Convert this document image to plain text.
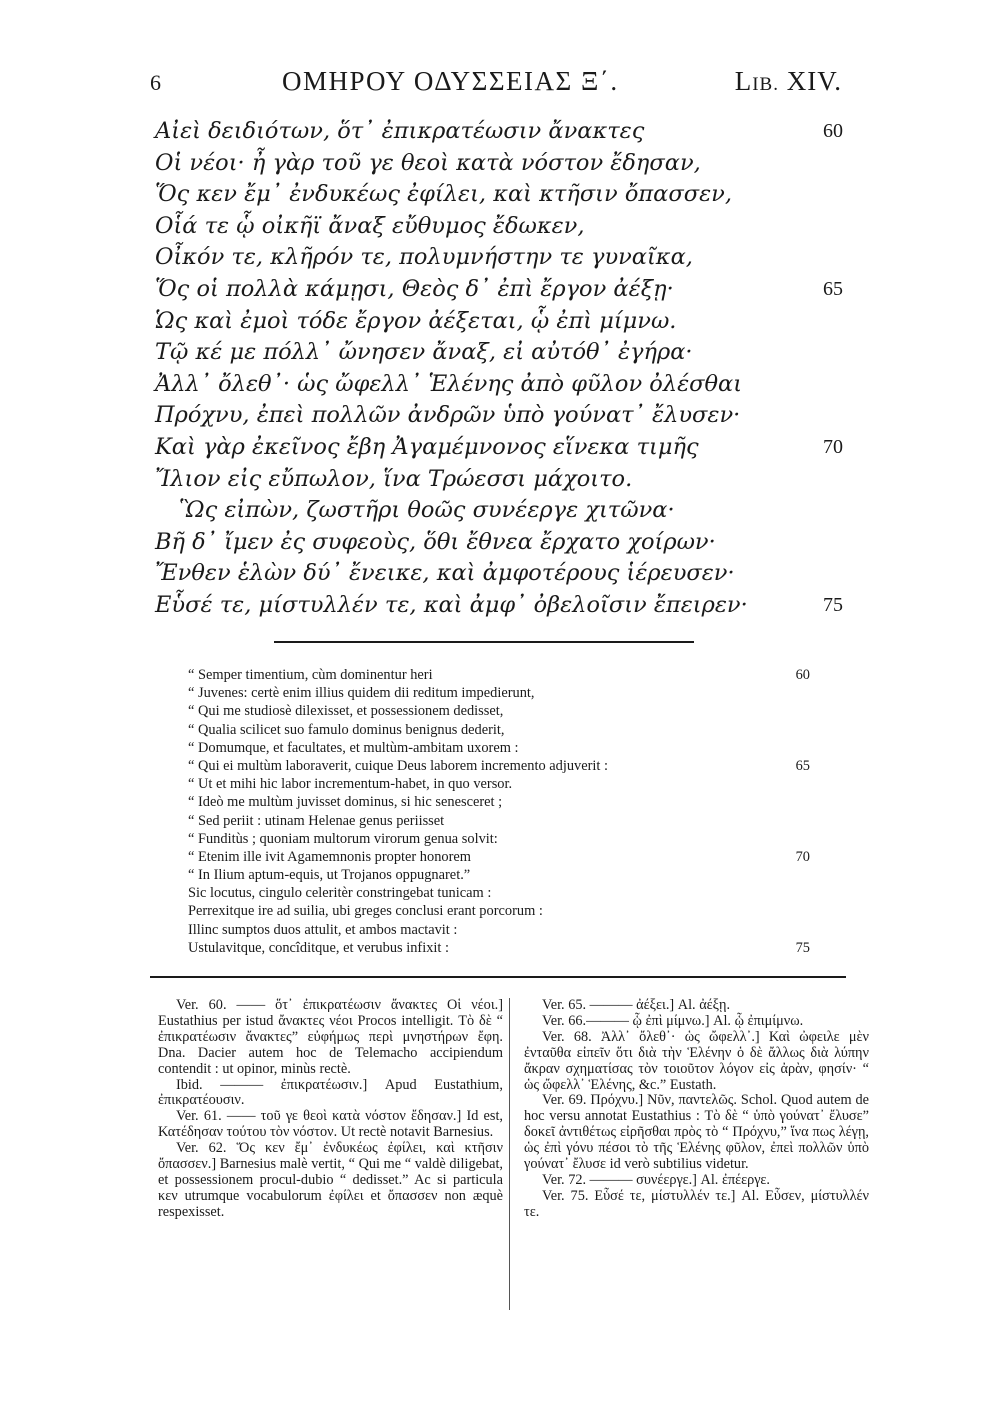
6	ΟΜΗΡΟΥ ΟΔΥΣΣΕΙΑΣ Ξ΄.	LIB. XIV.
Αἰεὶ δειδιότων, ὅτ᾽ ἐπικρατέωσιν ἄνακτες	60
Οἱ νέοι· ἦ γὰρ τοῦ γε θεοὶ κατὰ νόστον ἔδησαν,
Ὅς κεν ἔμ᾽ ἐνδυκέως ἐφίλει, καὶ κτῆσιν ὄπασσεν,
Οἷά τε ᾧ οἰκῆϊ ἄναξ εὔθυμος ἔδωκεν,
Οἶκόν τε, κλῆρόν τε, πολυμνήστην τε γυναῖκα,
Ὅς οἱ πολλὰ κάμῃσι, Θεὸς δ᾽ ἐπὶ ἔργον ἀέξῃ·	65
Ὡς καὶ ἐμοὶ τόδε ἔργον ἀέξεται, ᾧ ἐπὶ μίμνω.
Τῷ κέ με πόλλ᾽ ὤνησεν ἄναξ, εἰ αὐτόθ᾽ ἐγήρα·
Ἀλλ᾽ ὄλεθ᾽· ὡς ὤφελλ᾽ Ἑλένης ἀπὸ φῦλον ὀλέσθαι
Πρόχνυ, ἐπεὶ πολλῶν ἀνδρῶν ὑπὸ γούνατ᾽ ἔλυσεν·
Καὶ γὰρ ἐκεῖνος ἔβη Ἀγαμέμνονος εἵνεκα τιμῆς	70
Ἴλιον εἰς εὔπωλον, ἵνα Τρώεσσι μάχοιτο.
Ὣς εἰπὼν, ζωστῆρι θοῶς συνέεργε χιτῶνα·
Βῆ δ᾽ ἴμεν ἐς συφεοὺς, ὅθι ἔθνεα ἔρχατο χοίρων·
Ἔνθεν ἑλὼν δύ᾽ ἔνεικε, καὶ ἀμφοτέρους ἱέρευσεν·
Εὗσέ τε, μίστυλλέν τε, καὶ ἀμφ᾽ ὀβελοῖσιν ἔπειρεν·	75
“ Semper timentium, cùm dominentur heri	60
“ Juvenes: certè enim illius quidem dii reditum impedierunt,
“ Qui me studiosè dilexisset, et possessionem dedisset,
“ Qualia scilicet suo famulo dominus benignus dederit,
“ Domumque, et facultates, et multùm-ambitam uxorem :
“ Qui ei multùm laboraverit, cuique Deus laborem incremento adjuverit :	65
“ Ut et mihi hic labor incrementum-habet, in quo versor.
“ Ideò me multùm juvisset dominus, si hic senesceret ;
“ Sed periit : utinam Helenae genus periisset
“ Funditùs ; quoniam multorum virorum genua solvit:
“ Etenim ille ivit Agamemnonis propter honorem	70
“ In Ilium aptum-equis, ut Trojanos oppugnaret.”
Sic locutus, cingulo celeritèr constringebat tunicam :
Perrexitque ire ad suilia, ubi greges conclusi erant porcorum :
Illinc sumptos duos attulit, et ambos mactavit :
Ustulavitque, concîditque, et verubus infixit :	75

Ver. 60. —— ὅτ᾽ ἐπικρατέωσιν ἄνακτες Οἱ νέοι.] Eustathius per istud ἄνακτες νέοι Procos intelligit. Τὸ δὲ “ ἐπικρατέωσιν ἄνακτες” εὐφήμως περὶ μνηστήρων ἔφη. Dna. Dacier autem hoc de Telemacho accipiendum contendit : ut opinor, minùs rectè.

Ibid. ——— ἐπικρατέωσιν.] Apud Eustathium, ἐπικρατέουσιν.

Ver. 61. —— τοῦ γε θεοὶ κατὰ νόστον ἔδησαν.] Id est, Κατέδησαν τούτου τὸν νόστον. Ut rectè notavit Barnesius.

Ver. 62. Ὅς κεν ἔμ᾽ ἐνδυκέως ἐφίλει, καὶ κτῆσιν ὄπασσεν.] Barnesius malè vertit, “ Qui me “ valdè diligebat, et possessionem procul-dubio “ dedisset.” Ac si particula κεν utrumque vocabulorum ἐφίλει et ὄπασσεν non æquè respexisset.

Ver. 65. ——— ἀέξει.] Al. ἀέξῃ.

Ver. 66.——— ᾧ ἐπὶ μίμνω.] Al. ᾧ ἐπιμίμνω.

Ver. 68. Ἀλλ᾽ ὄλεθ᾽· ὡς ὤφελλ᾽.] Καὶ ὠφειλε μὲν ἐνταῦθα εἰπεῖν ὅτι διὰ τὴν Ἑλένην ὁ δὲ ἄλλως διὰ λύπην ἄκραν σχηματίσας τὸν τοιοῦτον λόγον εἰς ἀρὰν, φησίν· “ ὡς ὤφελλ᾽ Ἑλένης, &c.” Eustath.

Ver. 69. Πρόχνυ.] Νῦν, παντελῶς. Schol. Quod autem de hoc versu annotat Eustathius : Τὸ δὲ “ ὑπὸ γούνατ᾽ ἔλυσε” δοκεῖ ἀντιθέτως εἰρῆσθαι πρὸς τὸ “ Πρόχνυ,” ἵνα πως λέγῃ, ὡς ἐπὶ γόνυ πέσοι τὸ τῆς Ἑλένης φῦλον, ἐπεὶ πολλῶν ὑπὸ γούνατ᾽ ἔλυσε id verò subtilius videtur.

Ver. 72. ——— συνέεργε.] Al. ἐπέεργε.

Ver. 75. Εὗσέ τε, μίστυλλέν τε.] Al. Εὗσεν, μίστυλλέν τε.
